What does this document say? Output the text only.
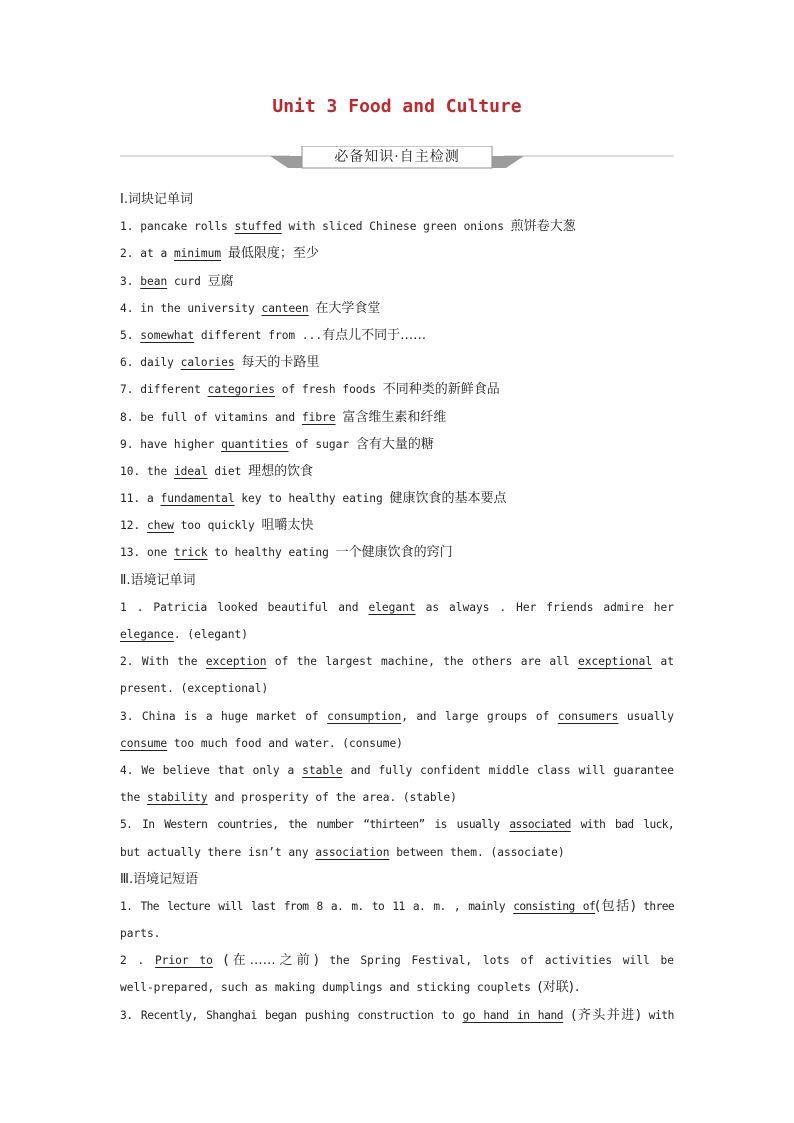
Unit 3 Food and Culture
必备知识·自主检测
Ⅰ.词块记单词
1. pancake rolls stuffed with sliced Chinese green onions 煎饼卷大葱
2. at a minimum 最低限度；至少
3. bean curd 豆腐
4. in the university canteen 在大学食堂
5. somewhat different from ...有点儿不同于……
6. daily calories 每天的卡路里
7. different categories of fresh foods 不同种类的新鲜食品
8. be full of vitamins and fibre 富含维生素和纤维
9. have higher quantities of sugar 含有大量的糖
10. the ideal diet 理想的饮食
11. a fundamental key to healthy eating 健康饮食的基本要点
12. chew too quickly 咀嚼太快
13. one trick to healthy eating 一个健康饮食的窍门
Ⅱ.语境记单词
1 . Patricia looked beautiful and elegant as always . Her friends admire her
elegance. (elegant)
2. With the exception of the largest machine, the others are all exceptional at
present. (exceptional)
3. China is a huge market of consumption, and large groups of consumers usually
consume too much food and water. (consume)
4. We believe that only a stable and fully confident middle class will guarantee
the stability and prosperity of the area. (stable)
5. In Western countries, the number “thirteen” is usually associated with bad luck,
but actually there isn’t any association between them. (associate)
Ⅲ.语境记短语
1. The lecture will last from 8 a. m. to 11 a. m. , mainly consisting of(包括) three
parts.
2 . Prior to (在……之前) the Spring Festival, lots of activities will be
well-prepared, such as making dumplings and sticking couplets (对联).
3. Recently, Shanghai began pushing construction to go hand in hand (齐头并进) with
